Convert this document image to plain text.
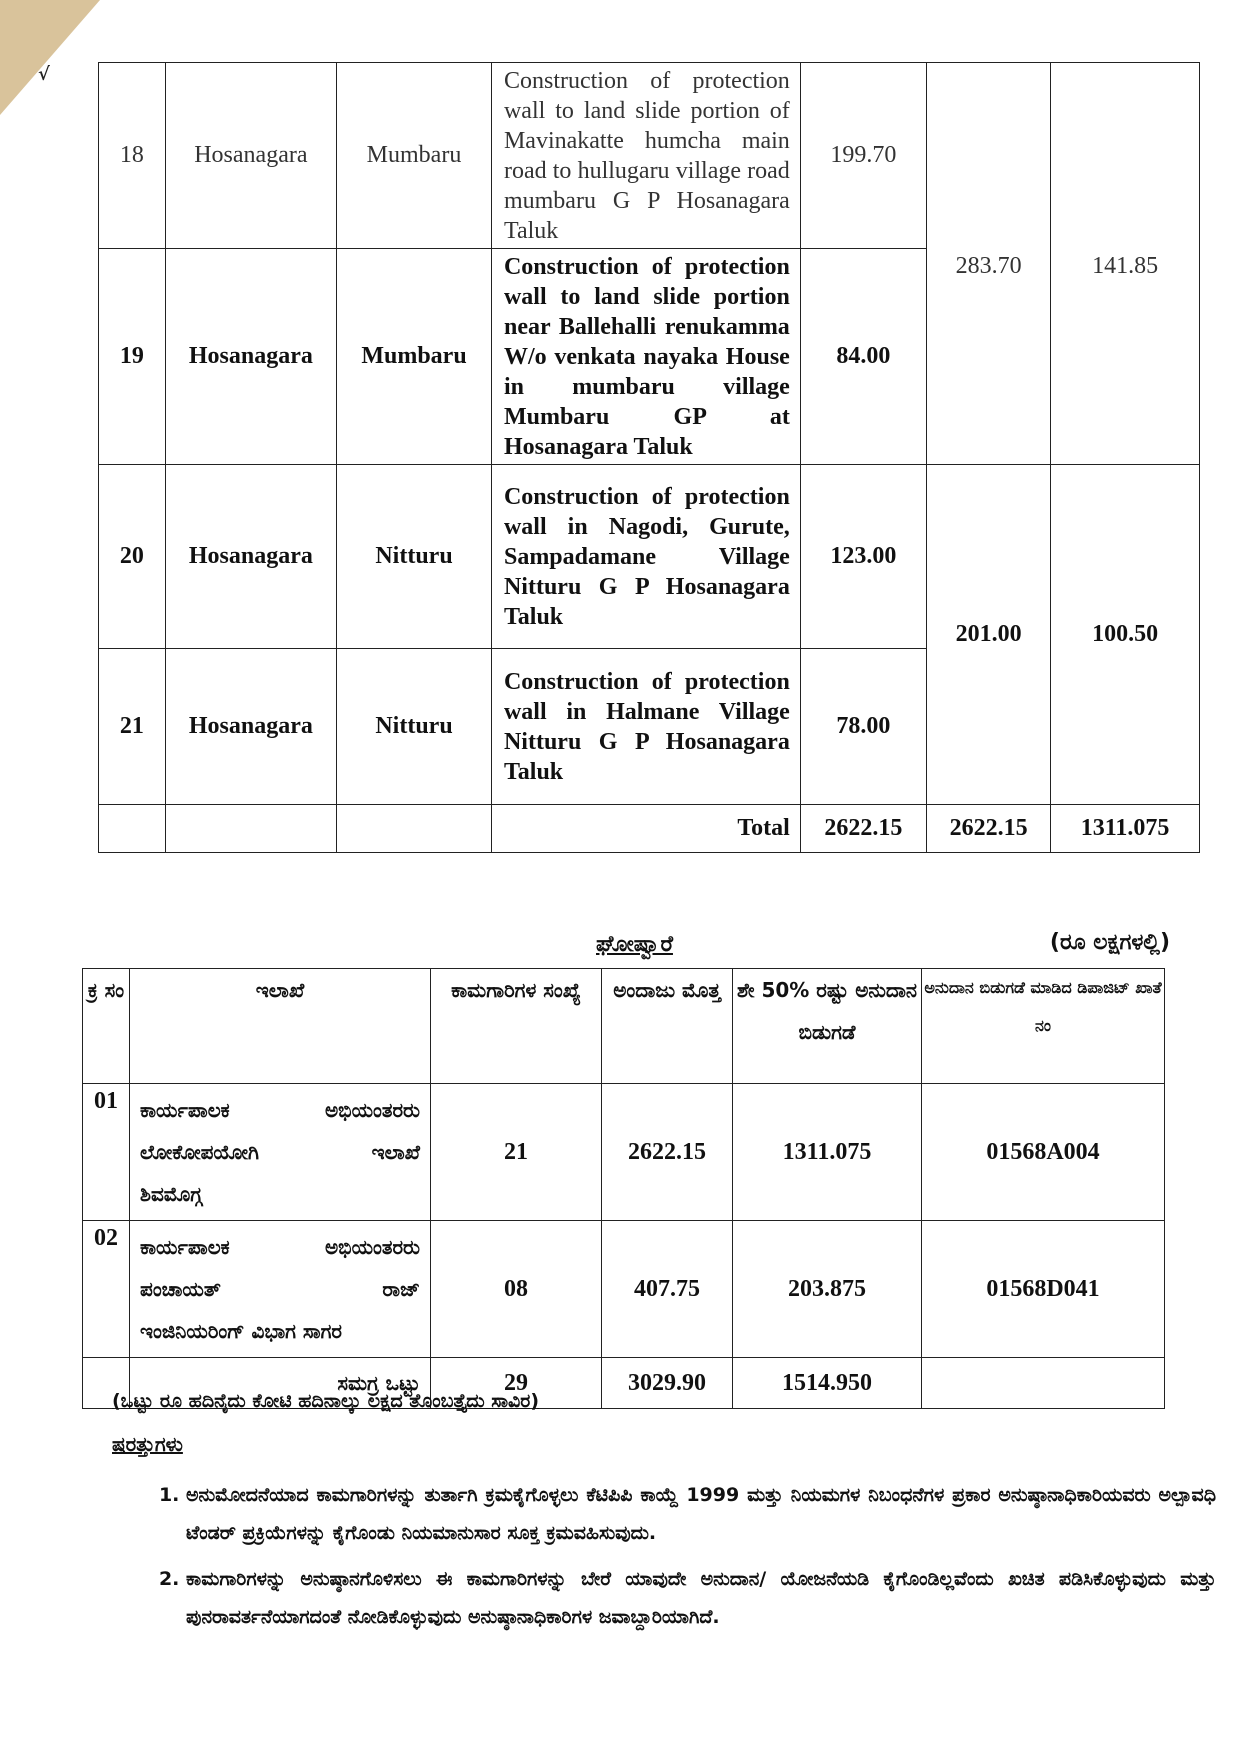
√
18	Hosanagara	Mumbaru	Construction of protection wall to land slide portion of Mavinakatte humcha main road to hullugaru village road mumbaru G P Hosanagara Taluk	199.70	283.70	141.85
19	Hosanagara	Mumbaru	Construction of protection wall to land slide portion near Ballehalli renukamma W/o venkata nayaka House in mumbaru village Mumbaru GP at Hosanagara Taluk	84.00		
20	Hosanagara	Nitturu	Construction of protection wall in Nagodi, Gurute, Sampadamane Village Nitturu G P Hosanagara Taluk	123.00	201.00	100.50
21	Hosanagara	Nitturu	Construction of protection wall in Halmane Village Nitturu G P Hosanagara Taluk	78.00		
			Total	2622.15	2622.15	1311.075
ಘೋಷ್ವಾರೆ	(ರೂ ಲಕ್ಷಗಳಲ್ಲಿ)
ಕ್ರ ಸಂ	ಇಲಾಖೆ	ಕಾಮಗಾರಿಗಳ ಸಂಖ್ಯೆ	ಅಂದಾಜು ಮೊತ್ತ	ಶೇ 50% ರಷ್ಟು ಅನುದಾನ ಬಿಡುಗಡೆ	ಅನುದಾನ ಬಿಡುಗಡೆ ಮಾಡಿದ ಡಿಪಾಜಿಟ್ ಖಾತೆ ನಂ
01	ಕಾರ್ಯಪಾಲಕ ಅಭಿಯಂತರರು
ಲೋಕೋಪಯೋಗಿ ಇಲಾಖೆ
ಶಿವಮೊಗ್ಗ	21	2622.15	1311.075	01568A004
02	ಕಾರ್ಯಪಾಲಕ ಅಭಿಯಂತರರು
ಪಂಚಾಯತ್ ರಾಜ್
ಇಂಜಿನಿಯರಿಂಗ್ ವಿಭಾಗ ಸಾಗರ	08	407.75	203.875	01568D041
	ಸಮಗ್ರ ಒಟ್ಟು	29	3029.90	1514.950	
(ಒಟ್ಟು ರೂ ಹದಿನೈದು ಕೋಟಿ ಹದಿನಾಲ್ಕು ಲಕ್ಷದ ತೊಂಬತ್ತೈದು ಸಾವಿರ)
ಷರತ್ತುಗಳು
1. ಅನುಮೋದನೆಯಾದ ಕಾಮಗಾರಿಗಳನ್ನು ತುರ್ತಾಗಿ ಕ್ರಮಕೈಗೊಳ್ಳಲು ಕೆಟಿಪಿಪಿ ಕಾಯ್ದೆ 1999 ಮತ್ತು ನಿಯಮಗಳ ನಿಬಂಧನೆಗಳ ಪ್ರಕಾರ ಅನುಷ್ಠಾನಾಧಿಕಾರಿಯವರು ಅಲ್ಪಾವಧಿ ಟೆಂಡರ್ ಪ್ರಕ್ರಿಯೆಗಳನ್ನು ಕೈಗೊಂಡು ನಿಯಮಾನುಸಾರ ಸೂಕ್ತ ಕ್ರಮವಹಿಸುವುದು.
2. ಕಾಮಗಾರಿಗಳನ್ನು ಅನುಷ್ಠಾನಗೊಳಿಸಲು ಈ ಕಾಮಗಾರಿಗಳನ್ನು ಬೇರೆ ಯಾವುದೇ ಅನುದಾನ/ ಯೋಜನೆಯಡಿ ಕೈಗೊಂಡಿಲ್ಲವೆಂದು ಖಚಿತ ಪಡಿಸಿಕೊಳ್ಳುವುದು ಮತ್ತು ಪುನರಾವರ್ತನೆಯಾಗದಂತೆ ನೋಡಿಕೊಳ್ಳುವುದು ಅನುಷ್ಠಾನಾಧಿಕಾರಿಗಳ ಜವಾಬ್ದಾರಿಯಾಗಿದೆ.
